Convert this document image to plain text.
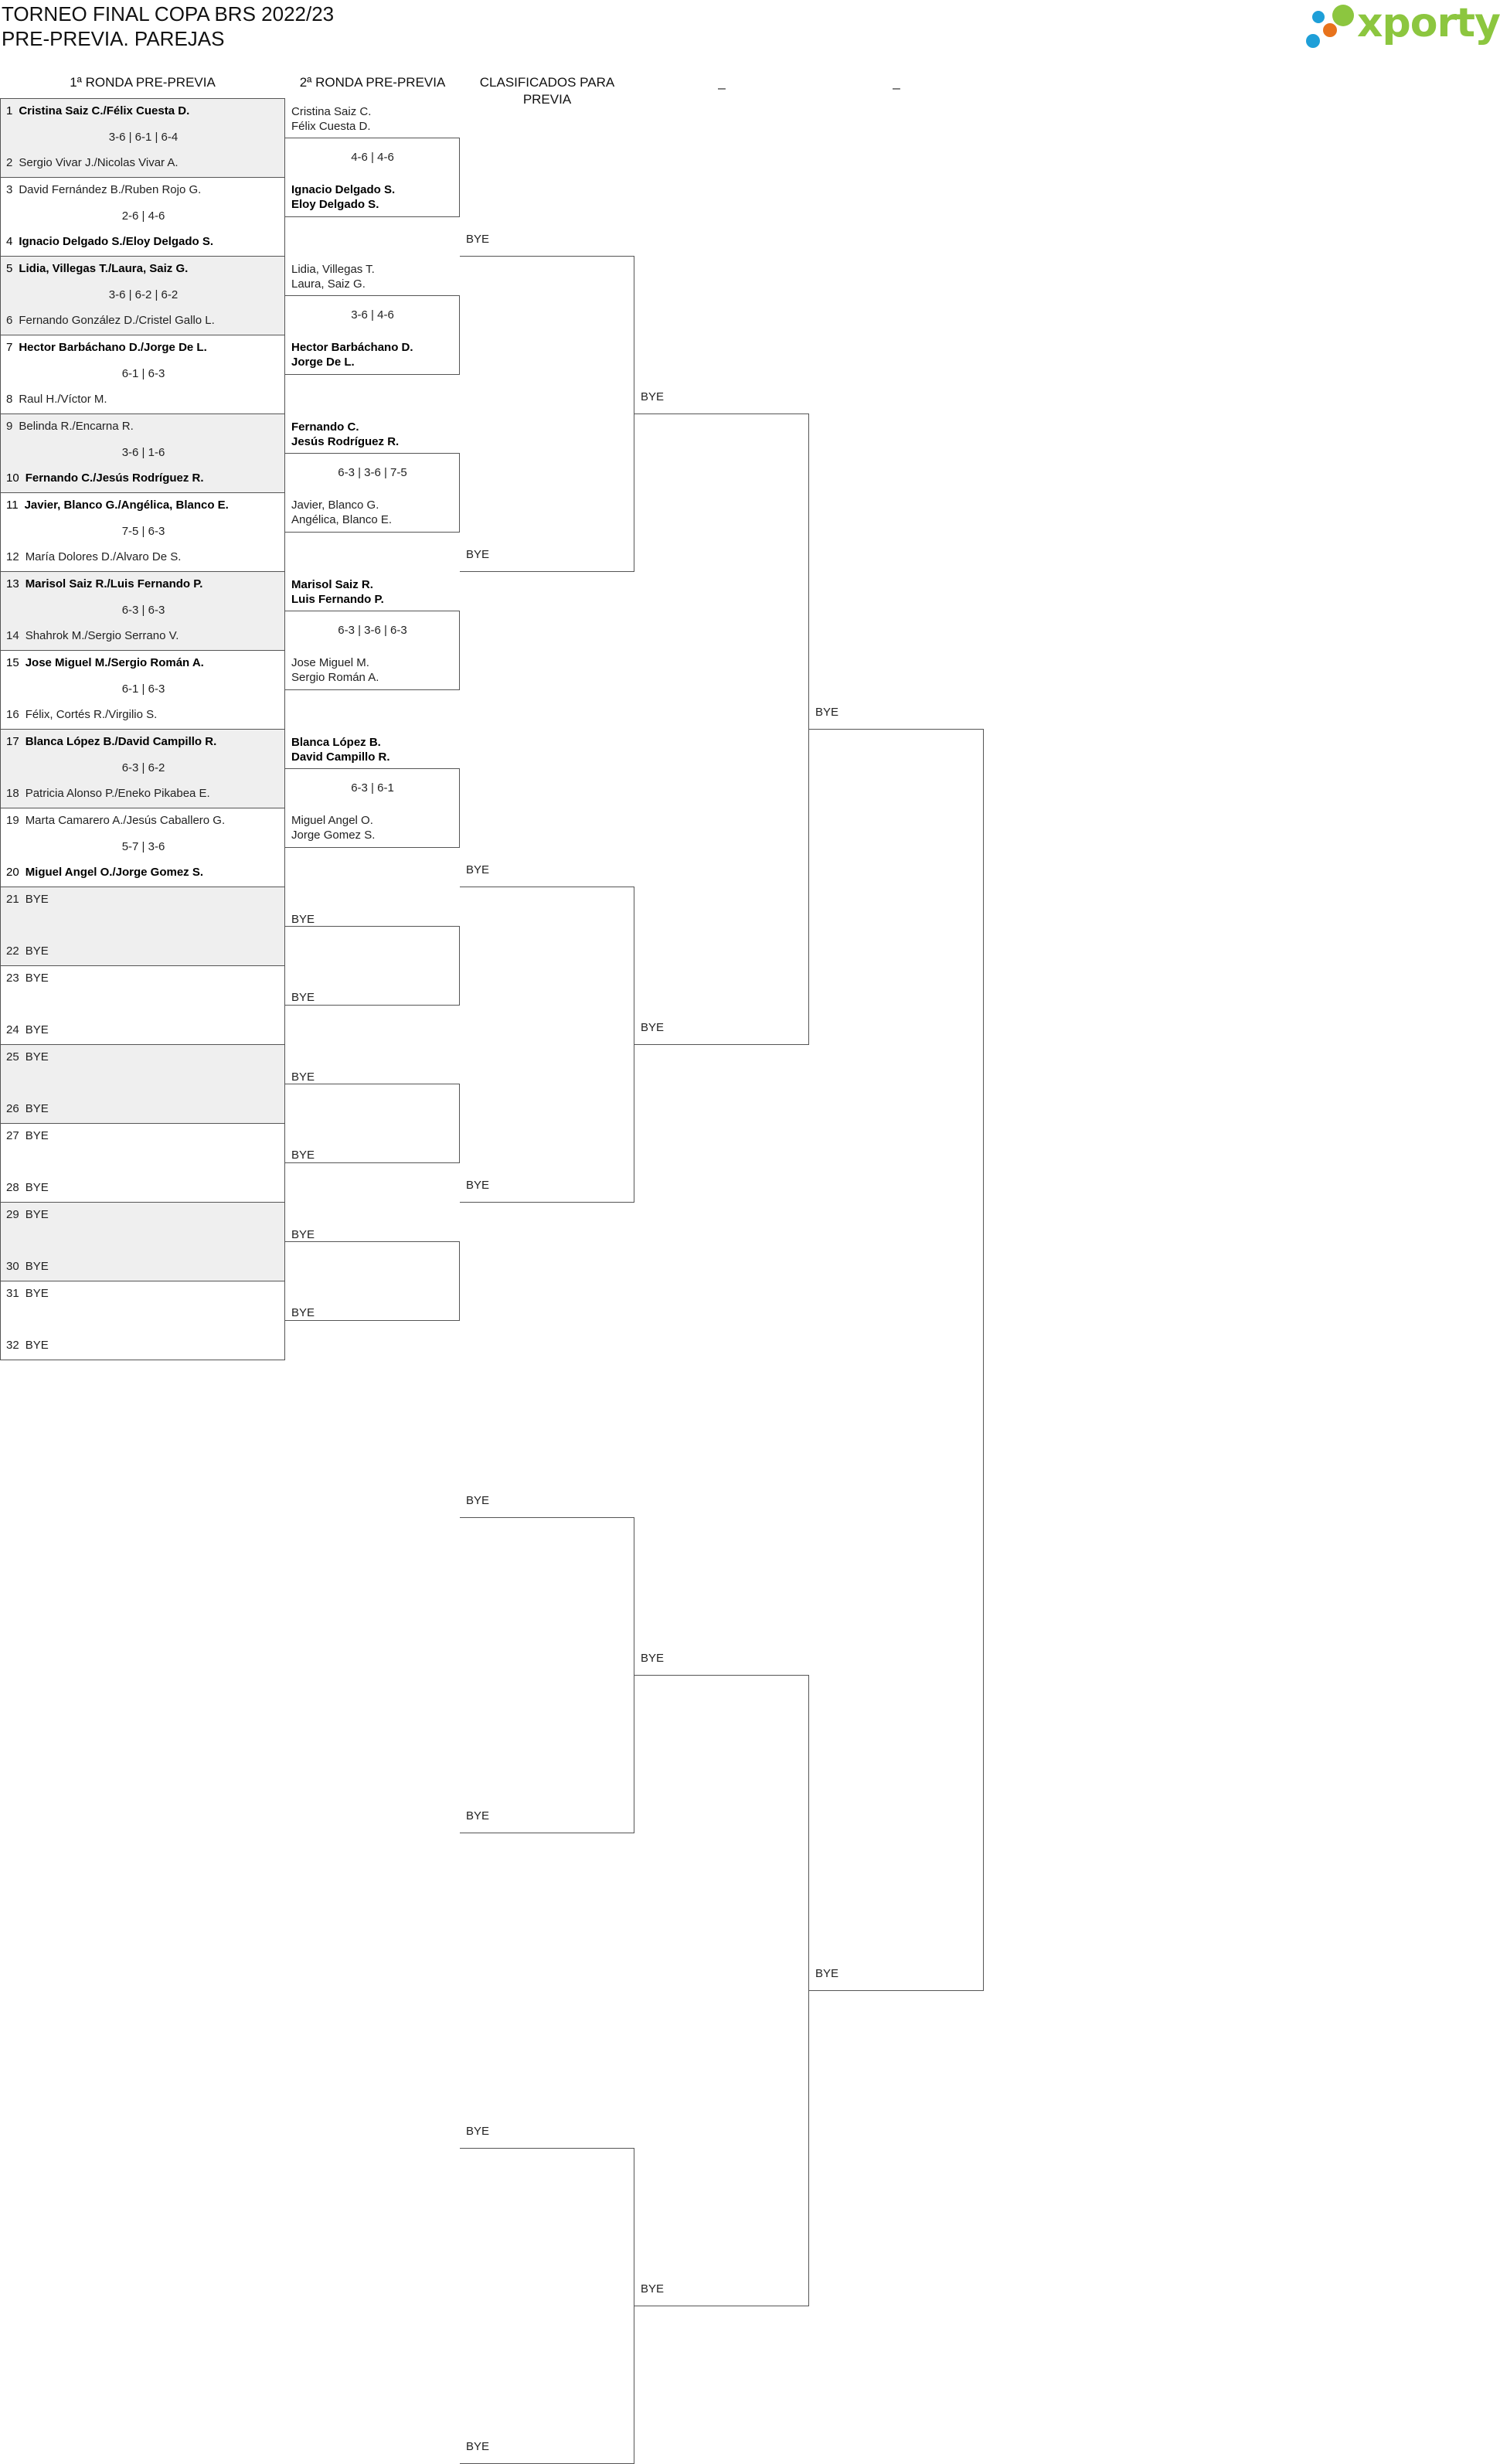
TORNEO FINAL COPA BRS 2022/23
PRE-PREVIA. PAREJAS	xporty
1ª RONDA PRE-PREVIA	2ª RONDA PRE-PREVIA	CLASIFICADOS PARA PREVIA
_	_
1 Cristina Saiz C./Félix Cuesta D.
2 Sergio Vivar J./Nicolas Vivar A.
3-6 | 6-1 | 6-4
3 David Fernández B./Ruben Rojo G.
4 Ignacio Delgado S./Eloy Delgado S.
2-6 | 4-6
5 Lidia, Villegas T./Laura, Saiz G.
6 Fernando González D./Cristel Gallo L.
3-6 | 6-2 | 6-2
7 Hector Barbáchano D./Jorge De L.
8 Raul H./Víctor M.
6-1 | 6-3
9 Belinda R./Encarna R.
10 Fernando C./Jesús Rodríguez R.
3-6 | 1-6
11 Javier, Blanco G./Angélica, Blanco E.
12 María Dolores D./Alvaro De S.
7-5 | 6-3
13 Marisol Saiz R./Luis Fernando P.
14 Shahrok M./Sergio Serrano V.
6-3 | 6-3
15 Jose Miguel M./Sergio Román A.
16 Félix, Cortés R./Virgilio S.
6-1 | 6-3
17 Blanca López B./David Campillo R.
18 Patricia Alonso P./Eneko Pikabea E.
6-3 | 6-2
19 Marta Camarero A./Jesús Caballero G.
20 Miguel Angel O./Jorge Gomez S.
5-7 | 3-6
21 BYE
22 BYE
23 BYE
24 BYE
25 BYE
26 BYE
27 BYE
28 BYE
29 BYE
30 BYE
31 BYE
32 BYE
Cristina Saiz C.
Félix Cuesta D.
4-6 | 4-6
Ignacio Delgado S.
Eloy Delgado S.
Lidia, Villegas T.
Laura, Saiz G.
3-6 | 4-6
Hector Barbáchano D.
Jorge De L.
Fernando C.
Jesús Rodríguez R.
6-3 | 3-6 | 7-5
Javier, Blanco G.
Angélica, Blanco E.
Marisol Saiz R.
Luis Fernando P.
6-3 | 3-6 | 6-3
Jose Miguel M.
Sergio Román A.
Blanca López B.
David Campillo R.
6-3 | 6-1
Miguel Angel O.
Jorge Gomez S.
BYE
BYE
BYE
BYE
BYE
BYE
BYE
BYE
BYE
BYE
BYE
BYE
BYE
BYE
BYE
BYE
BYE
BYE
BYE
BYE
